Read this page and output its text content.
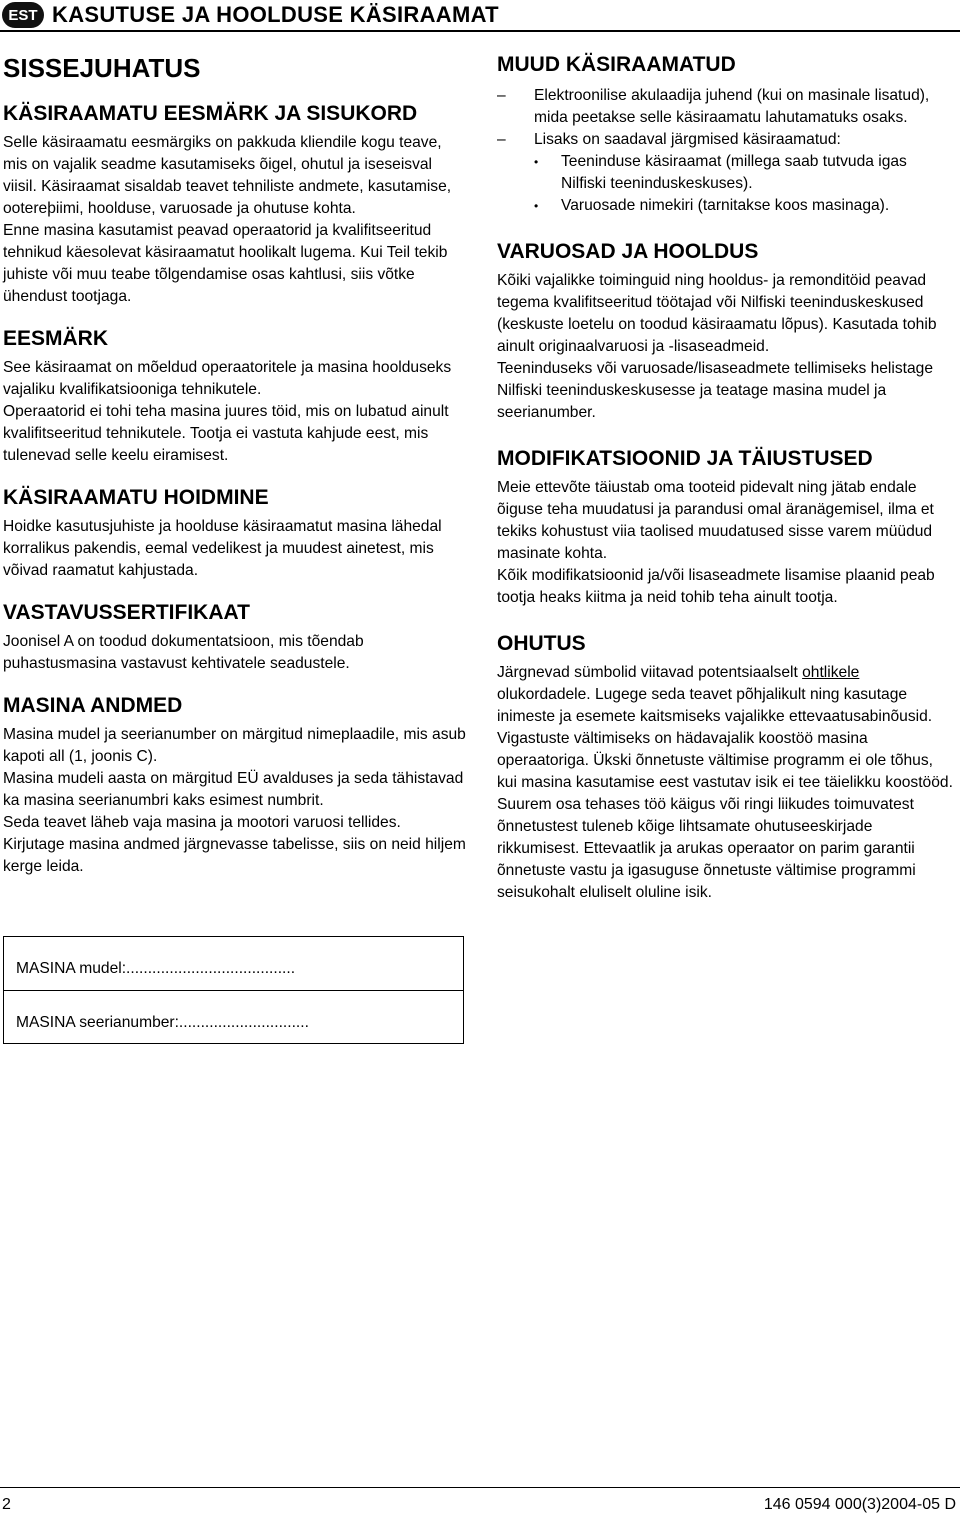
EST KASUTUSE JA HOOLDUSE KÄSIRAAMAT
SISSEJUHATUS
KÄSIRAAMATU EESMÄRK JA SISUKORD

Selle käsiraamatu eesmärgiks on pakkuda kliendile kogu teave, mis on vajalik seadme kasutamiseks õigel, ohutul ja iseseisval viisil. Käsiraamat sisaldab teavet tehniliste andmete, kasutamise, ootereþiimi, hoolduse, varuosade ja ohutuse kohta.

Enne masina kasutamist peavad operaatorid ja kvalifitseeritud tehnikud käesolevat käsiraamatut hoolikalt lugema. Kui Teil tekib juhiste või muu teabe tõlgendamise osas kahtlusi, siis võtke ühendust tootjaga.

EESMÄRK

See käsiraamat on mõeldud operaatoritele ja masina hoolduseks vajaliku kvalifikatsiooniga tehnikutele.

Operaatorid ei tohi teha masina juures töid, mis on lubatud ainult kvalifitseeritud tehnikutele. Tootja ei vastuta kahjude eest, mis tulenevad selle keelu eiramisest.

KÄSIRAAMATU HOIDMINE

Hoidke kasutusjuhiste ja hoolduse käsiraamatut masina lähedal korralikus pakendis, eemal vedelikest ja muudest ainetest, mis võivad raamatut kahjustada.

VASTAVUSSERTIFIKAAT

Joonisel A on toodud dokumentatsioon, mis tõendab puhastusmasina vastavust kehtivatele seadustele.

MASINA ANDMED

Masina mudel ja seerianumber on märgitud nimeplaadile, mis asub kapoti all (1, joonis C).

Masina mudeli aasta on märgitud EÜ avalduses ja seda tähistavad ka masina seerianumbri kaks esimest numbrit.

Seda teavet läheb vaja masina ja mootori varuosi tellides.

Kirjutage masina andmed järgnevasse tabelisse, siis on neid hiljem kerge leida.

MASINA mudel:.......................................
MASINA seerianumber:..............................
MUUD KÄSIRAAMATUD
– Elektroonilise akulaadija juhend (kui on masinale lisatud), mida peetakse selle käsiraamatu lahutamatuks osaks.
– Lisaks on saadaval järgmised käsiraamatud:
• Teeninduse käsiraamat (millega saab tutvuda igas Nilfiski teeninduskeskuses).
• Varuosade nimekiri (tarnitakse koos masinaga).
VARUOSAD JA HOOLDUS

Kõiki vajalikke toiminguid ning hooldus- ja remonditöid peavad tegema kvalifitseeritud töötajad või Nilfiski teeninduskeskused (keskuste loetelu on toodud käsiraamatu lõpus). Kasutada tohib ainult originaalvaruosi ja -lisaseadmeid.

Teeninduseks või varuosade/lisaseadmete tellimiseks helistage Nilfiski teeninduskeskusesse ja teatage masina mudel ja seerianumber.

MODIFIKATSIOONID JA TÄIUSTUSED

Meie ettevõte täiustab oma tooteid pidevalt ning jätab endale õiguse teha muudatusi ja parandusi omal äranägemisel, ilma et tekiks kohustust viia taolised muudatused sisse varem müüdud masinate kohta.

Kõik modifikatsioonid ja/või lisaseadmete lisamise plaanid peab tootja heaks kiitma ja neid tohib teha ainult tootja.

OHUTUS

Järgnevad sümbolid viitavad potentsiaalselt ohtlikele olukordadele. Lugege seda teavet põhjalikult ning kasutage inimeste ja esemete kaitsmiseks vajalikke ettevaatusabinõusid.

Vigastuste vältimiseks on hädavajalik koostöö masina operaatoriga. Ükski õnnetuste vältimise programm ei ole tõhus, kui masina kasutamise eest vastutav isik ei tee täielikku koostööd. Suurem osa tehases töö käigus või ringi liikudes toimuvatest õnnetustest tuleneb kõige lihtsamate ohutuseeskirjade rikkumisest. Ettevaatlik ja arukas operaator on parim garantii õnnetuste vastu ja igasuguse õnnetuste vältimise programmi seisukohalt eluliselt oluline isik.

2	146 0594 000(3)2004-05 D
